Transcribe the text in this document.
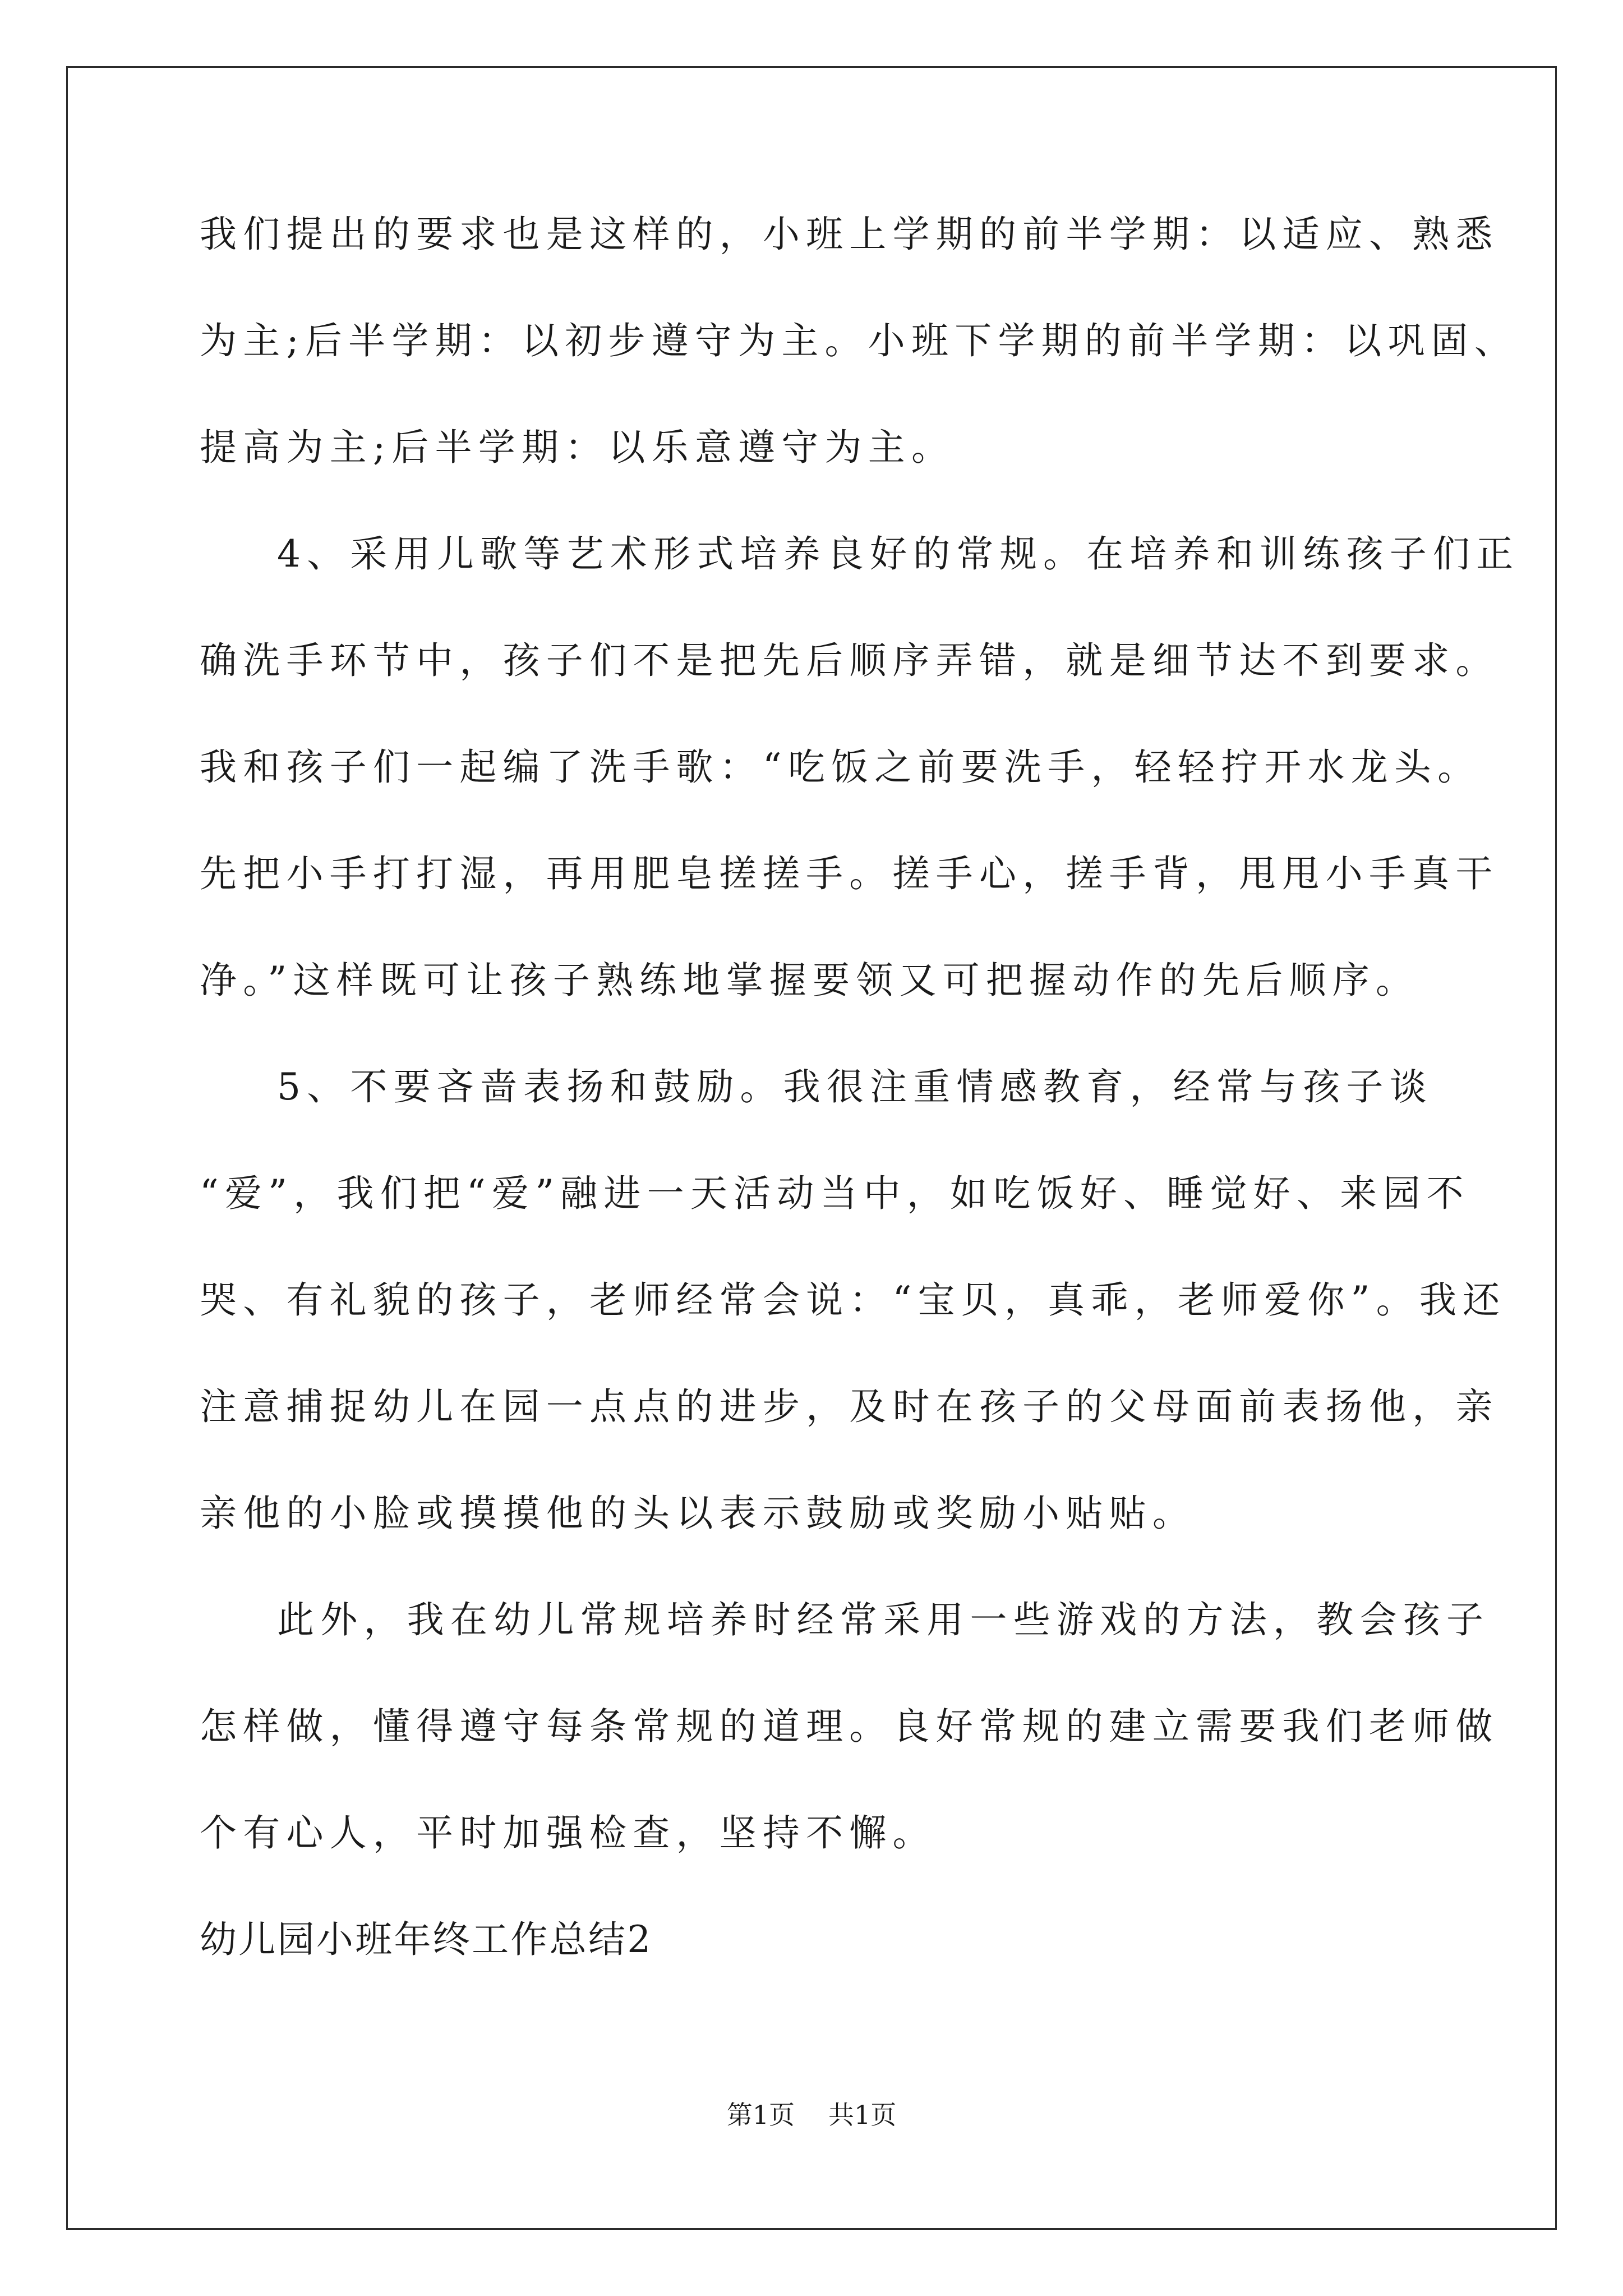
我们提出的要求也是这样的，小班上学期的前半学期：以适应、熟悉
为主;后半学期：以初步遵守为主。小班下学期的前半学期：以巩固、
提高为主;后半学期：以乐意遵守为主。
4、采用儿歌等艺术形式培养良好的常规。在培养和训练孩子们正
确洗手环节中，孩子们不是把先后顺序弄错，就是细节达不到要求。
我和孩子们一起编了洗手歌：“吃饭之前要洗手，轻轻拧开水龙头。
先把小手打打湿，再用肥皂搓搓手。搓手心，搓手背，甩甩小手真干
净。”这样既可让孩子熟练地掌握要领又可把握动作的先后顺序。
5、不要吝啬表扬和鼓励。我很注重情感教育，经常与孩子谈
“爱”，我们把“爱”融进一天活动当中，如吃饭好、睡觉好、来园不
哭、有礼貌的孩子，老师经常会说：“宝贝，真乖，老师爱你”。我还
注意捕捉幼儿在园一点点的进步，及时在孩子的父母面前表扬他，亲
亲他的小脸或摸摸他的头以表示鼓励或奖励小贴贴。
此外，我在幼儿常规培养时经常采用一些游戏的方法，教会孩子
怎样做，懂得遵守每条常规的道理。良好常规的建立需要我们老师做
个有心人，平时加强检查，坚持不懈。
幼儿园小班年终工作总结2
第1页 共1页
